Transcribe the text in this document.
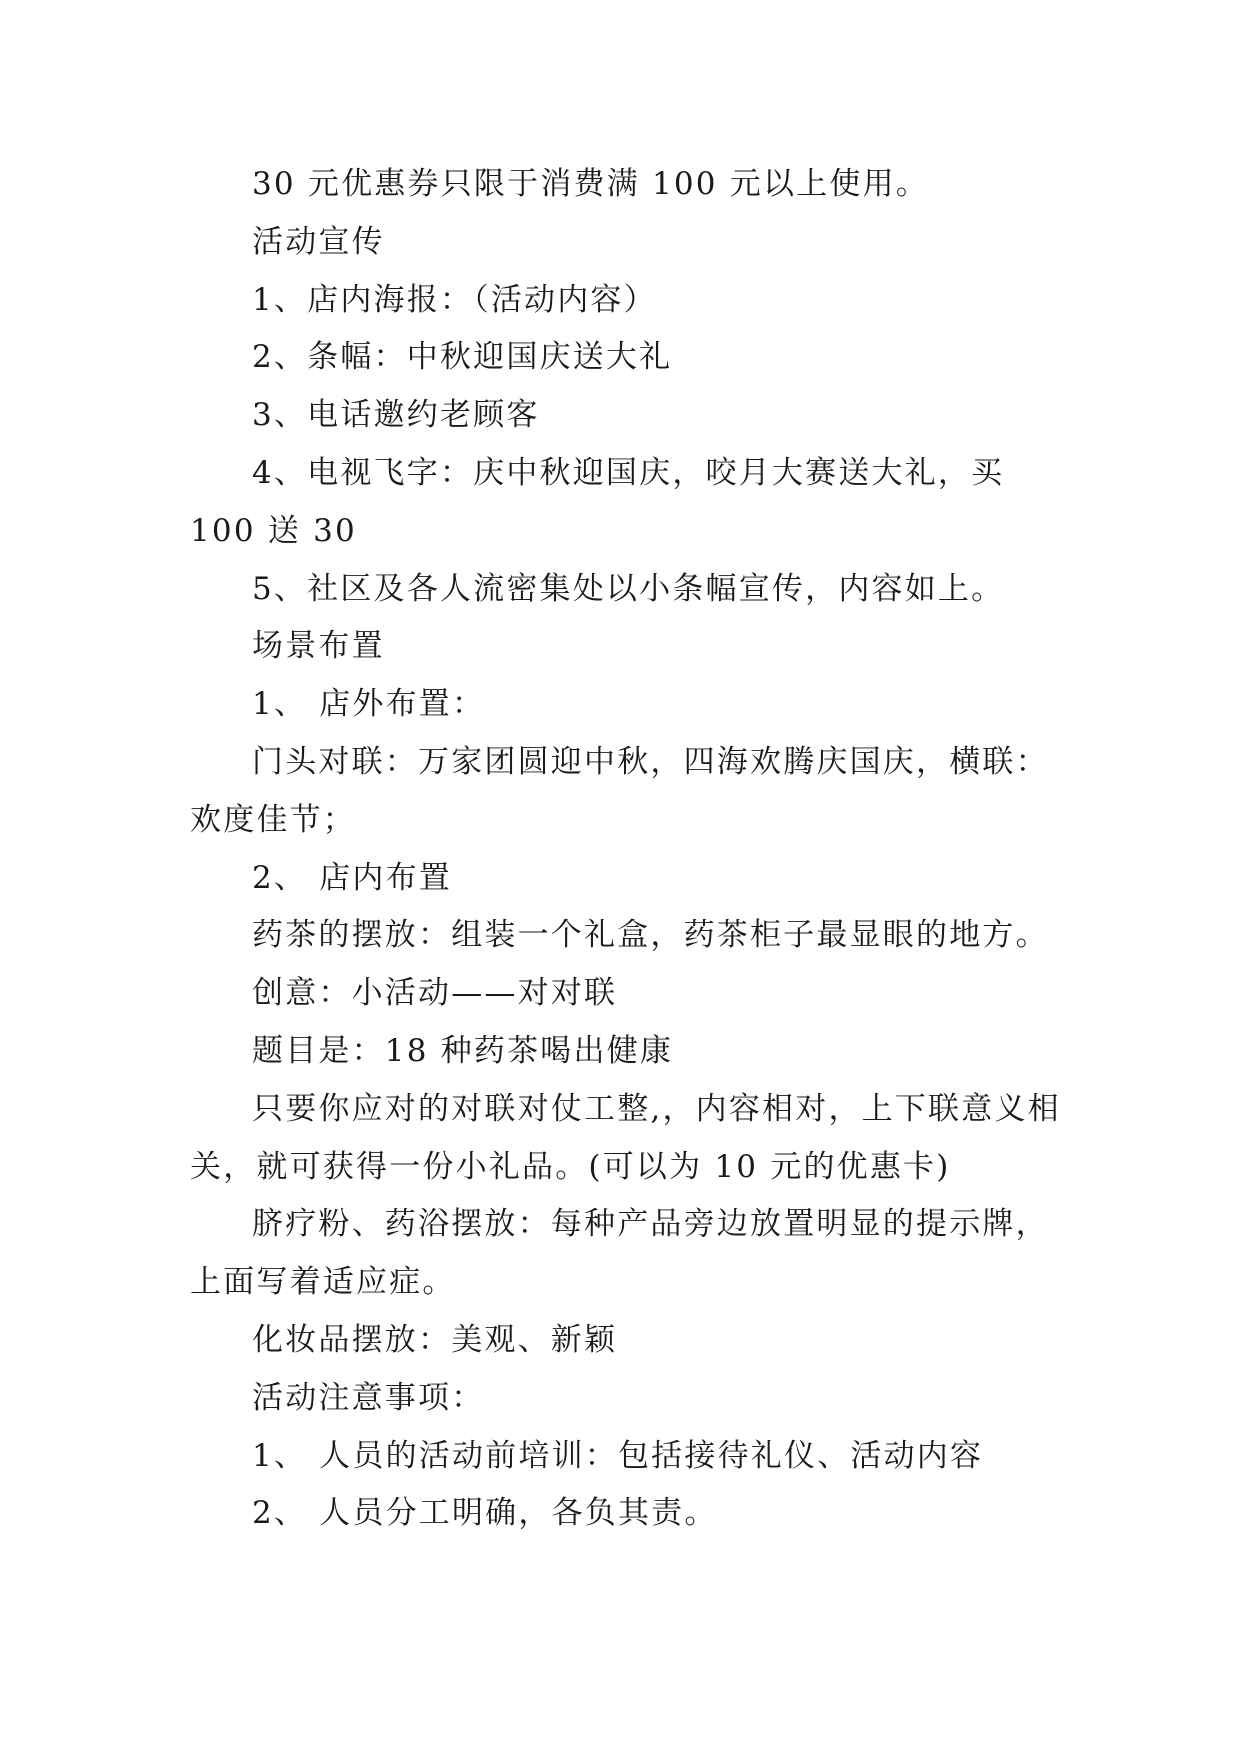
30 元优惠券只限于消费满 100 元以上使用。

活动宣传

1、店内海报：（活动内容）

2、条幅：中秋迎国庆送大礼

3、电话邀约老顾客

4、电视飞字：庆中秋迎国庆，咬月大赛送大礼，买 100 送 30

5、社区及各人流密集处以小条幅宣传，内容如上。

场景布置

1、 店外布置：

门头对联：万家团圆迎中秋，四海欢腾庆国庆，横联：欢度佳节；

2、 店内布置

药茶的摆放：组装一个礼盒，药茶柜子最显眼的地方。

创意：小活动——对对联

题目是：18 种药茶喝出健康

只要你应对的对联对仗工整,，内容相对，上下联意义相关，就可获得一份小礼品。(可以为 10 元的优惠卡)

脐疗粉、药浴摆放：每种产品旁边放置明显的提示牌，上面写着适应症。

化妆品摆放：美观、新颖

活动注意事项：

1、 人员的活动前培训：包括接待礼仪、活动内容

2、 人员分工明确，各负其责。
